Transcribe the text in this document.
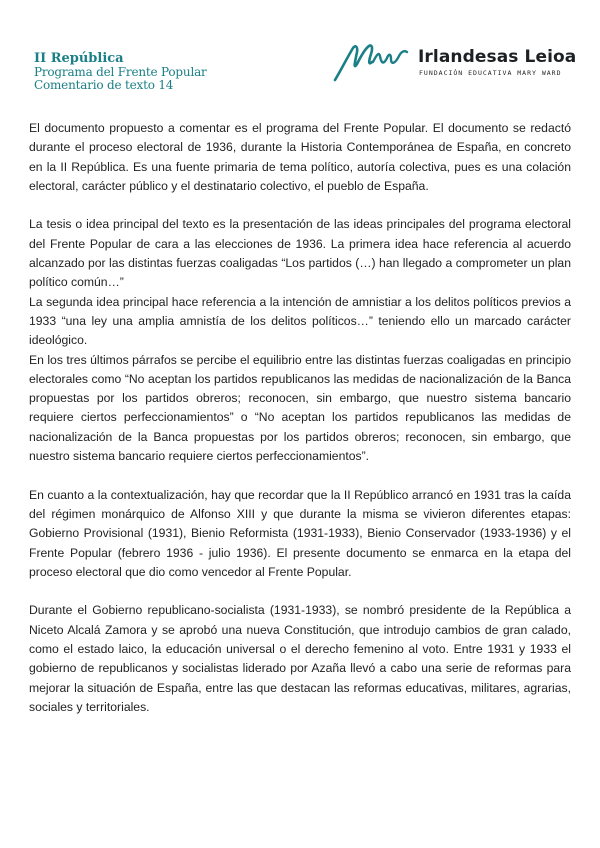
II República
Programa del Frente Popular
Comentario de texto 14
Irlandesas Leioa
FUNDACIÓN EDUCATIVA MARY WARD

El documento propuesto a comentar es el programa del Frente Popular. El documento se redactó durante el proceso electoral de 1936, durante la Historia Contemporánea de España, en concreto en la II República. Es una fuente primaria de tema político, autoría colectiva, pues es una colación electoral, carácter público y el destinatario colectivo, el pueblo de España.

La tesis o idea principal del texto es la presentación de las ideas principales del programa electoral del Frente Popular de cara a las elecciones de 1936. La primera idea hace referencia al acuerdo alcanzado por las distintas fuerzas coaligadas “Los partidos (…) han llegado a comprometer un plan político común…”

La segunda idea principal hace referencia a la intención de amnistiar a los delitos políticos previos a 1933 “una ley una amplia amnistía de los delitos políticos…” teniendo ello un marcado carácter ideológico.

En los tres últimos párrafos se percibe el equilibrio entre las distintas fuerzas coaligadas en principio electorales como “No aceptan los partidos republicanos las medidas de nacionalización de la Banca propuestas por los partidos obreros; reconocen, sin embargo, que nuestro sistema bancario requiere ciertos perfeccionamientos” o “No aceptan los partidos republicanos las medidas de nacionalización de la Banca propuestas por los partidos obreros; reconocen, sin embargo, que nuestro sistema bancario requiere ciertos perfeccionamientos”.

En cuanto a la contextualización, hay que recordar que la II Repúblico arrancó en 1931 tras la caída del régimen monárquico de Alfonso XIII y que durante la misma se vivieron diferentes etapas: Gobierno Provisional (1931), Bienio Reformista (1931-1933), Bienio Conservador (1933-1936) y el Frente Popular (febrero 1936 - julio 1936). El presente documento se enmarca en la etapa del proceso electoral que dio como vencedor al Frente Popular.

Durante el Gobierno republicano-socialista (1931-1933), se nombró presidente de la República a Niceto Alcalá Zamora y se aprobó una nueva Constitución, que introdujo cambios de gran calado, como el estado laico, la educación universal o el derecho femenino al voto. Entre 1931 y 1933 el gobierno de republicanos y socialistas liderado por Azaña llevó a cabo una serie de reformas para mejorar la situación de España, entre las que destacan las reformas educativas, militares, agrarias, sociales y territoriales.
